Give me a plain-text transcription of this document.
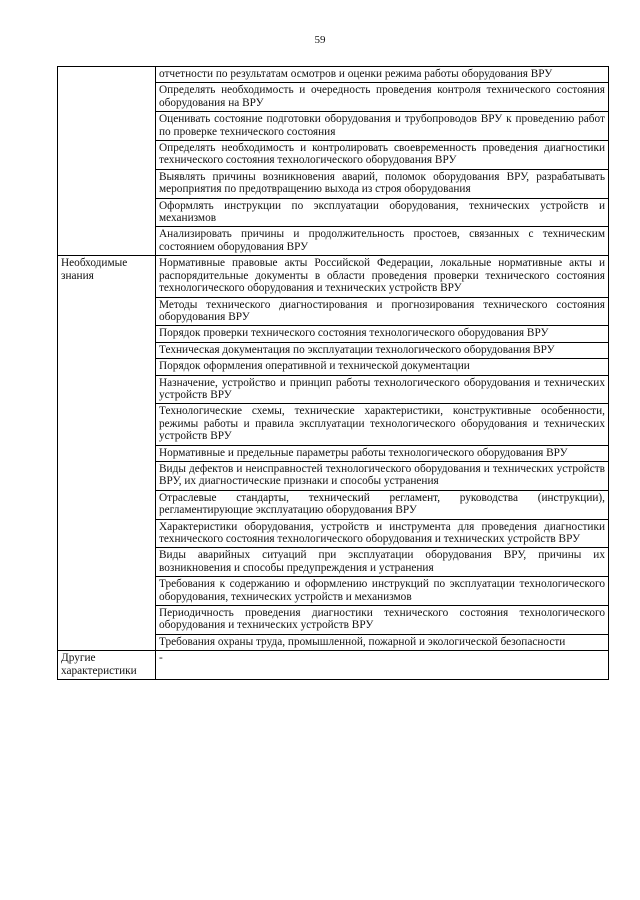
59
	отчетности по результатам осмотров и оценки режима работы оборудования ВРУ
	Определять необходимость и очередность проведения контроля технического состояния оборудования на ВРУ
	Оценивать состояние подготовки оборудования и трубопроводов ВРУ к проведению работ по проверке технического состояния
	Определять необходимость и контролировать своевременность проведения диагностики технического состояния технологического оборудования ВРУ
	Выявлять причины возникновения аварий, поломок оборудования ВРУ, разрабатывать мероприятия по предотвращению выхода из строя оборудования
	Оформлять инструкции по эксплуатации оборудования, технических устройств и механизмов
	Анализировать причины и продолжительность простоев, связанных с техническим состоянием оборудования ВРУ
Необходимые знания	Нормативные правовые акты Российской Федерации, локальные нормативные акты и распорядительные документы в области проведения проверки технического состояния технологического оборудования и технических устройств ВРУ
	Методы технического диагностирования и прогнозирования технического состояния оборудования ВРУ
	Порядок проверки технического состояния технологического оборудования ВРУ
	Техническая документация по эксплуатации технологического оборудования ВРУ
	Порядок оформления оперативной и технической документации
	Назначение, устройство и принцип работы технологического оборудования и технических устройств ВРУ
	Технологические схемы, технические характеристики, конструктивные особенности, режимы работы и правила эксплуатации технологического оборудования и технических устройств ВРУ
	Нормативные и предельные параметры работы технологического оборудования ВРУ
	Виды дефектов и неисправностей технологического оборудования и технических устройств ВРУ, их диагностические признаки и способы устранения
	Отраслевые стандарты, технический регламент, руководства (инструкции), регламентирующие эксплуатацию оборудования ВРУ
	Характеристики оборудования, устройств и инструмента для проведения диагностики технического состояния технологического оборудования и технических устройств ВРУ
	Виды аварийных ситуаций при эксплуатации оборудования ВРУ, причины их возникновения и способы предупреждения и устранения
	Требования к содержанию и оформлению инструкций по эксплуатации технологического оборудования, технических устройств и механизмов
	Периодичность проведения диагностики технического состояния технологического оборудования и технических устройств ВРУ
	Требования охраны труда, промышленной, пожарной и экологической безопасности
Другие характеристики	-
